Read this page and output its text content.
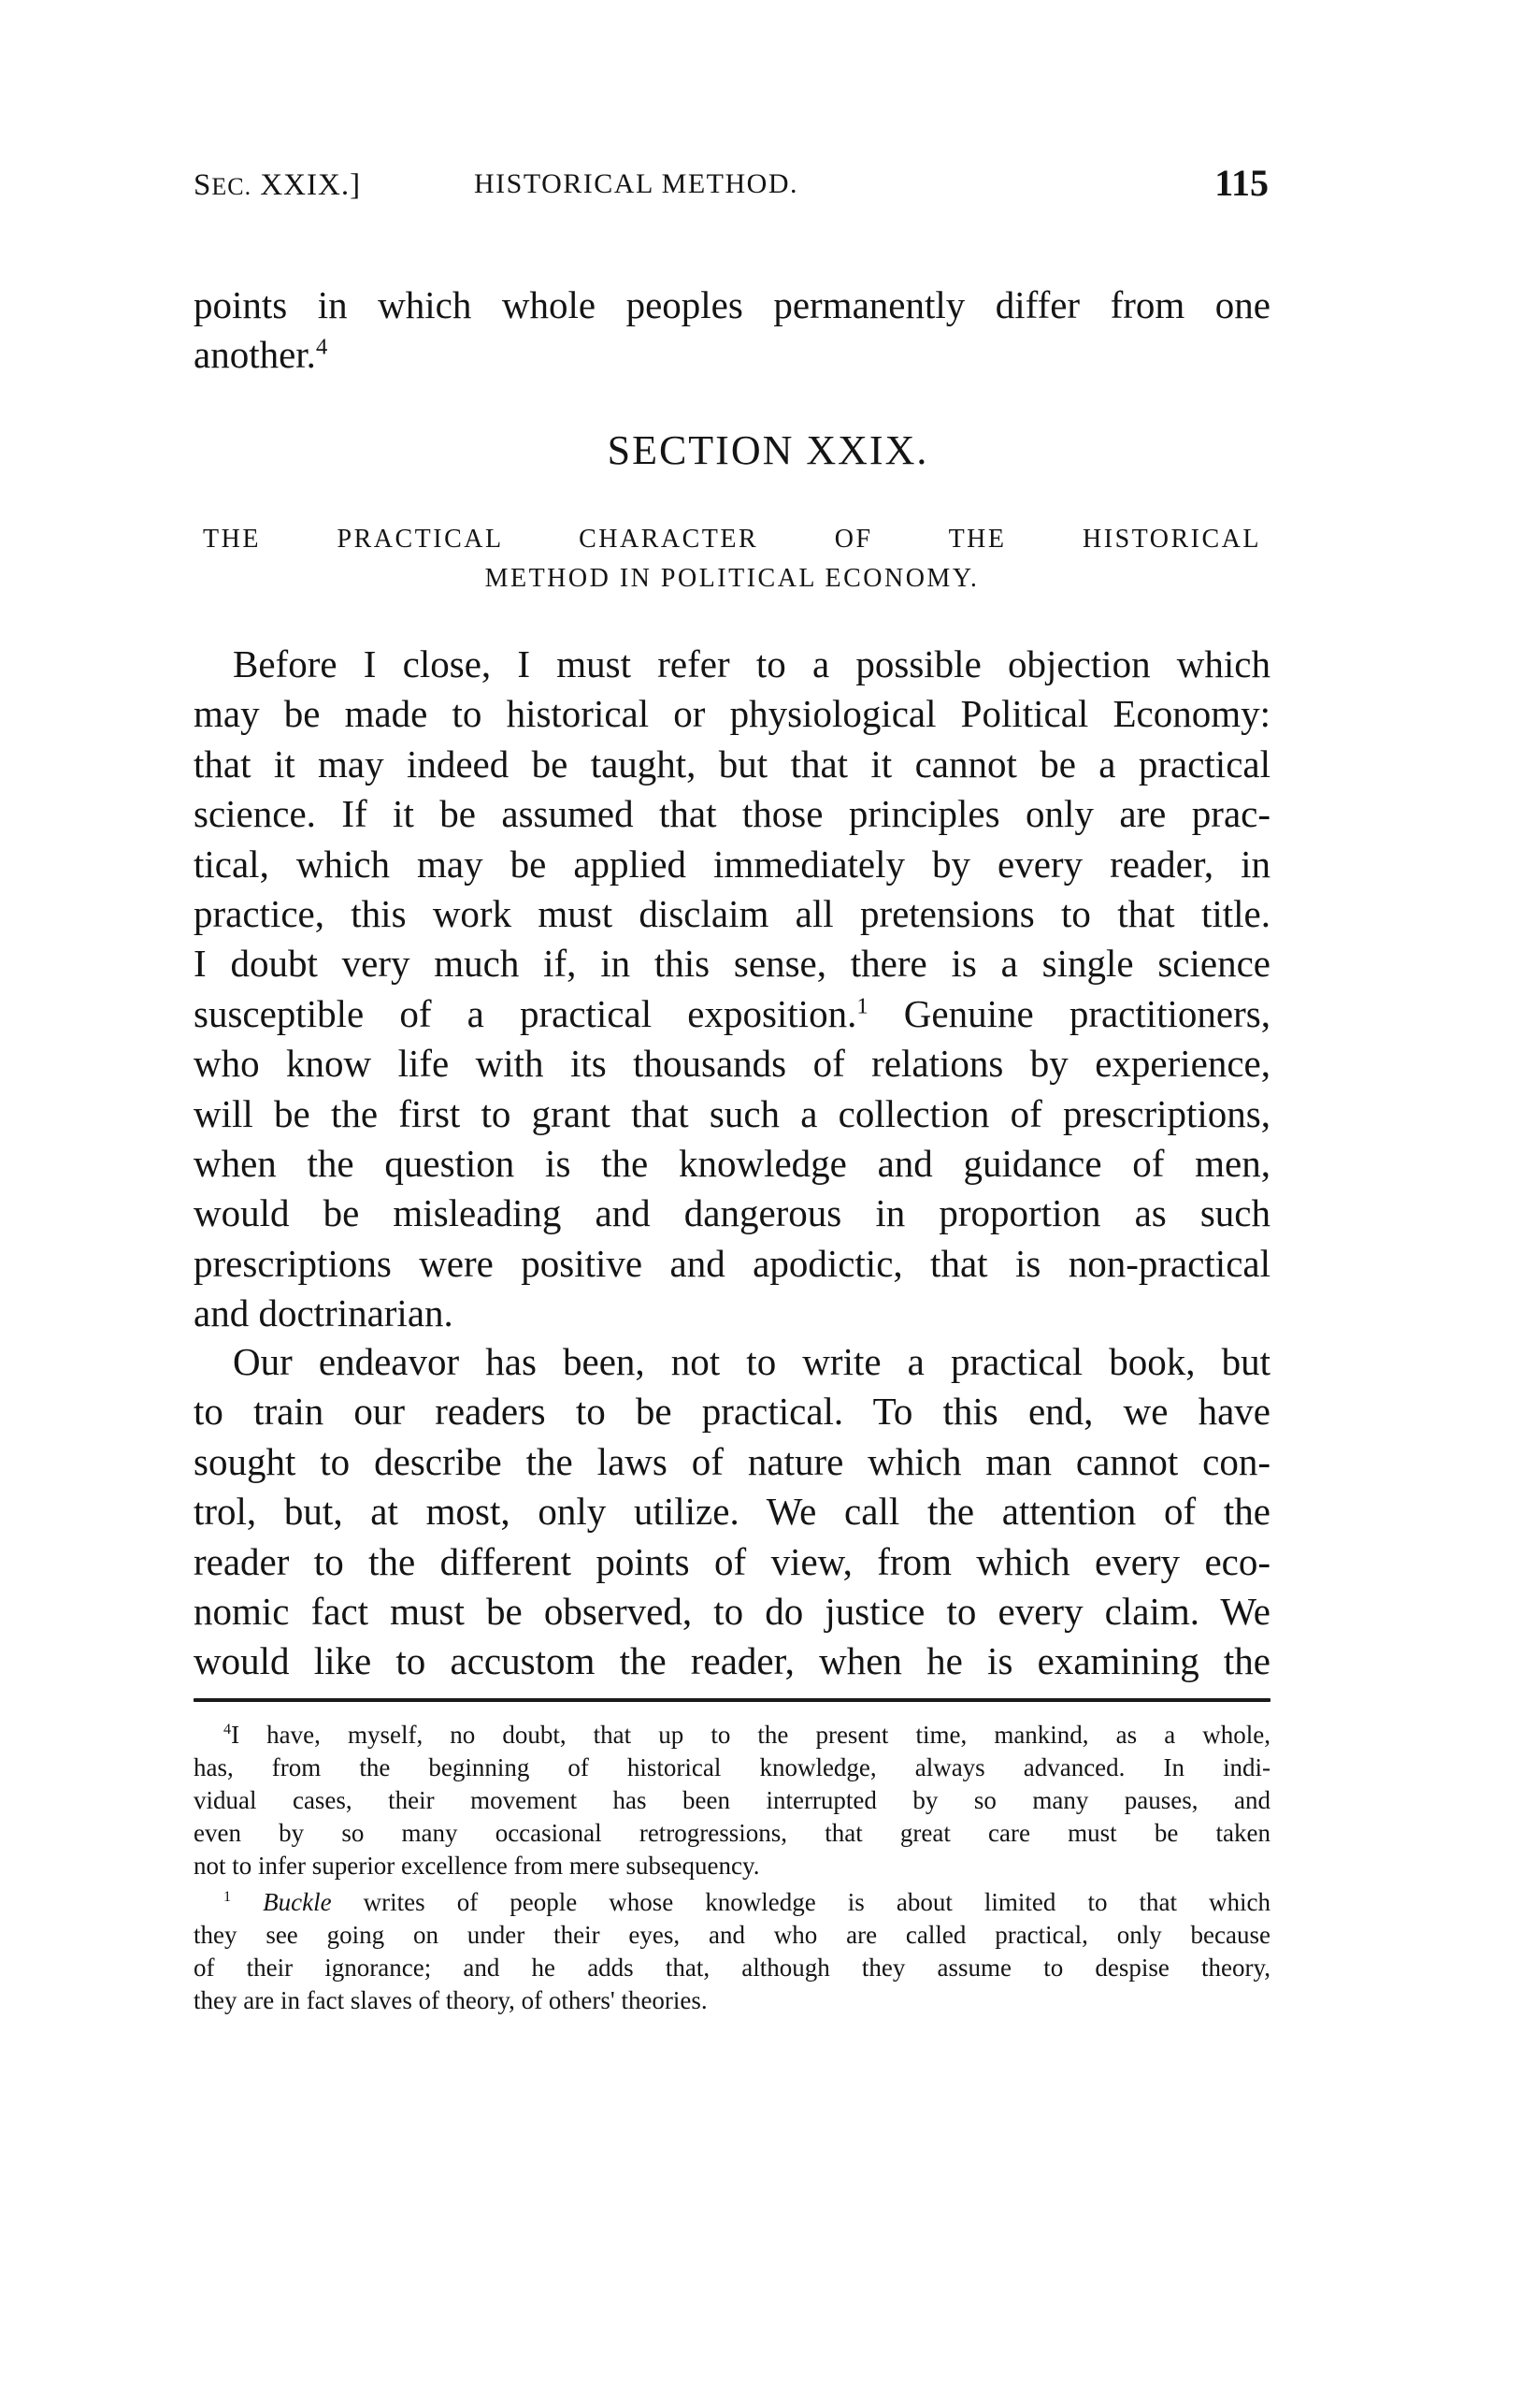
SEC. XXIX.]	HISTORICAL METHOD.	115
points in which whole peoples permanently differ from one
another.$^4$
SECTION XXIX.
THE PRACTICAL CHARACTER OF THE HISTORICAL
METHOD IN POLITICAL ECONOMY.
Before I close, I must refer to a possible objection which
may be made to historical or physiological Political Economy:
that it may indeed be taught, but that it cannot be a practical
science. If it be assumed that those principles only are prac-
tical, which may be applied immediately by every reader, in
practice, this work must disclaim all pretensions to that title.
I doubt very much if, in this sense, there is a single science
susceptible of a practical exposition.$^1$ Genuine practitioners,
who know life with its thousands of relations by experience,
will be the first to grant that such a collection of prescriptions,
when the question is the knowledge and guidance of men,
would be misleading and dangerous in proportion as such
prescriptions were positive and apodictic, that is non-practical
and doctrinarian.
Our endeavor has been, not to write a practical book, but
to train our readers to be practical. To this end, we have
sought to describe the laws of nature which man cannot con-
trol, but, at most, only utilize. We call the attention of the
reader to the different points of view, from which every eco-
nomic fact must be observed, to do justice to every claim. We
would like to accustom the reader, when he is examining the
$^4$I have, myself, no doubt, that up to the present time, mankind, as a whole,
has, from the beginning of historical knowledge, always advanced. In indi-
vidual cases, their movement has been interrupted by so many pauses, and
even by so many occasional retrogressions, that great care must be taken
not to infer superior excellence from mere subsequency.
$^1$ Buckle writes of people whose knowledge is about limited to that which
they see going on under their eyes, and who are called practical, only because
of their ignorance; and he adds that, although they assume to despise theory,
they are in fact slaves of theory, of others' theories.
